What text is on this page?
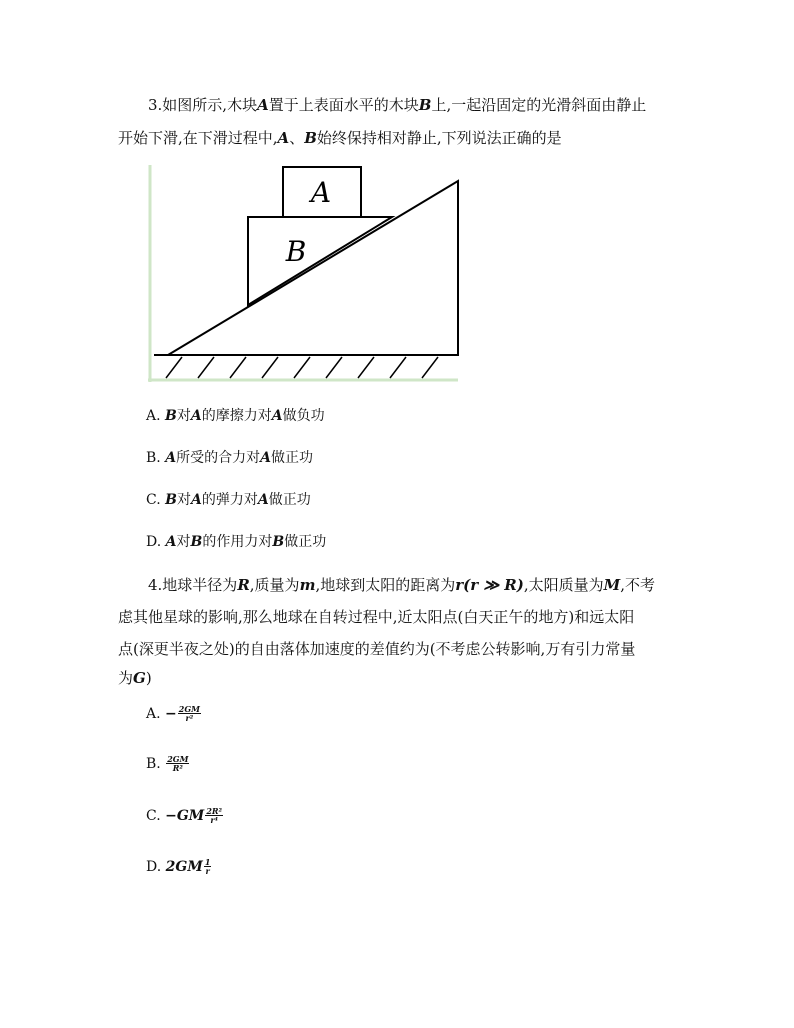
3.如图所示,木块A置于上表面水平的木块B上,一起沿固定的光滑斜面由静止
开始下滑,在下滑过程中,A、B始终保持相对静止,下列说法正确的是
A
B
A. B对A的摩擦力对A做负功
B. A所受的合力对A做正功
C. B对A的弹力对A做正功
D. A对B的作用力对B做正功
4.地球半径为R,质量为m,地球到太阳的距离为r(r ≫ R),太阳质量为M,不考
虑其他星球的影响,那么地球在自转过程中,近太阳点(白天正午的地方)和远太阳
点(深更半夜之处)的自由落体加速度的差值约为(不考虑公转影响,万有引力常量
为G)
A. − $\frac{2GM}{\text{r²}}$
B. $\frac{2GM}{\text{R²}}$
C. $-GM \frac{\text{2R²}}{\text{r⁴}}$
D. $2GM \frac{1}{r}$
